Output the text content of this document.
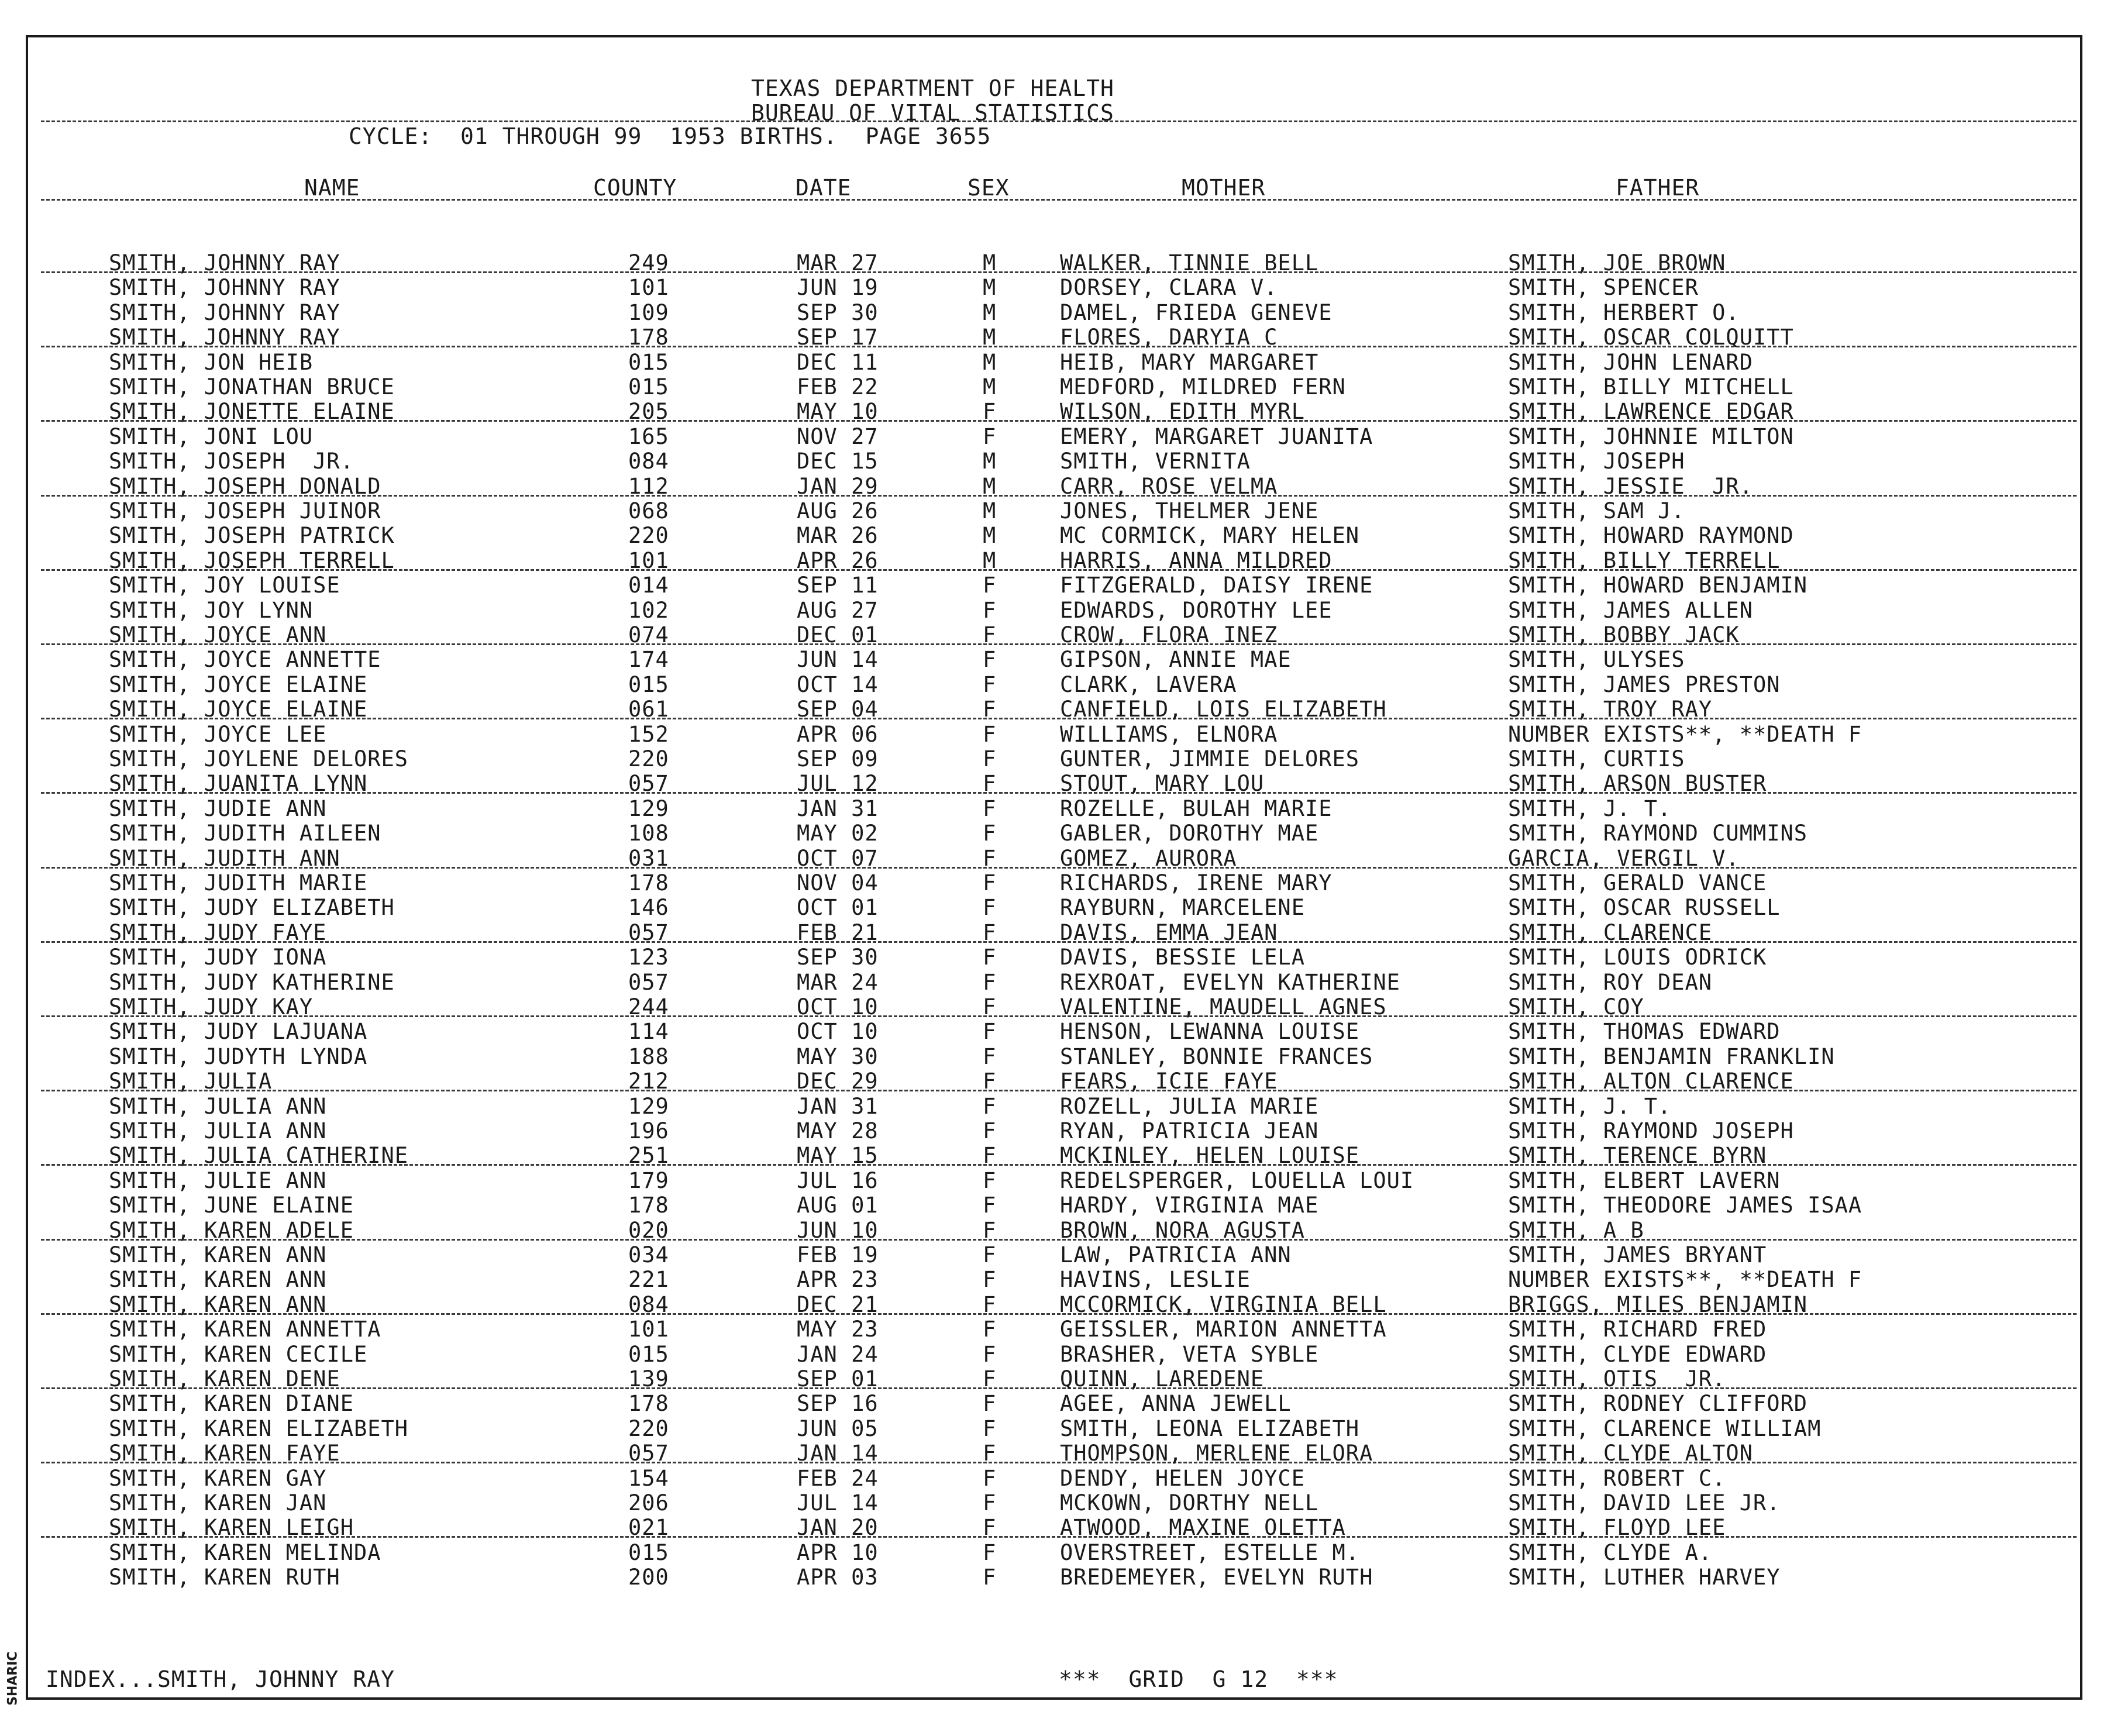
SHARIC
TEXAS DEPARTMENT OF HEALTH
BUREAU OF VITAL STATISTICS
CYCLE:  01 THROUGH 99  1953 BIRTHS.  PAGE 3655
NAME	COUNTY	DATE	SEX	MOTHER	FATHER
SMITH, JOHNNY RAY	249	MAR 27	M	WALKER, TINNIE BELL	SMITH, JOE BROWN
SMITH, JOHNNY RAY	101	JUN 19	M	DORSEY, CLARA V.	SMITH, SPENCER
SMITH, JOHNNY RAY	109	SEP 30	M	DAMEL, FRIEDA GENEVE	SMITH, HERBERT O.
SMITH, JOHNNY RAY	178	SEP 17	M	FLORES, DARYIA C	SMITH, OSCAR COLQUITT
SMITH, JON HEIB	015	DEC 11	M	HEIB, MARY MARGARET	SMITH, JOHN LENARD
SMITH, JONATHAN BRUCE	015	FEB 22	M	MEDFORD, MILDRED FERN	SMITH, BILLY MITCHELL
SMITH, JONETTE ELAINE	205	MAY 10	F	WILSON, EDITH MYRL	SMITH, LAWRENCE EDGAR
SMITH, JONI LOU	165	NOV 27	F	EMERY, MARGARET JUANITA	SMITH, JOHNNIE MILTON
SMITH, JOSEPH  JR.	084	DEC 15	M	SMITH, VERNITA	SMITH, JOSEPH
SMITH, JOSEPH DONALD	112	JAN 29	M	CARR, ROSE VELMA	SMITH, JESSIE  JR.
SMITH, JOSEPH JUINOR	068	AUG 26	M	JONES, THELMER JENE	SMITH, SAM J.
SMITH, JOSEPH PATRICK	220	MAR 26	M	MC CORMICK, MARY HELEN	SMITH, HOWARD RAYMOND
SMITH, JOSEPH TERRELL	101	APR 26	M	HARRIS, ANNA MILDRED	SMITH, BILLY TERRELL
SMITH, JOY LOUISE	014	SEP 11	F	FITZGERALD, DAISY IRENE	SMITH, HOWARD BENJAMIN
SMITH, JOY LYNN	102	AUG 27	F	EDWARDS, DOROTHY LEE	SMITH, JAMES ALLEN
SMITH, JOYCE ANN	074	DEC 01	F	CROW, FLORA INEZ	SMITH, BOBBY JACK
SMITH, JOYCE ANNETTE	174	JUN 14	F	GIPSON, ANNIE MAE	SMITH, ULYSES
SMITH, JOYCE ELAINE	015	OCT 14	F	CLARK, LAVERA	SMITH, JAMES PRESTON
SMITH, JOYCE ELAINE	061	SEP 04	F	CANFIELD, LOIS ELIZABETH	SMITH, TROY RAY
SMITH, JOYCE LEE	152	APR 06	F	WILLIAMS, ELNORA	NUMBER EXISTS**, **DEATH F
SMITH, JOYLENE DELORES	220	SEP 09	F	GUNTER, JIMMIE DELORES	SMITH, CURTIS
SMITH, JUANITA LYNN	057	JUL 12	F	STOUT, MARY LOU	SMITH, ARSON BUSTER
SMITH, JUDIE ANN	129	JAN 31	F	ROZELLE, BULAH MARIE	SMITH, J. T.
SMITH, JUDITH AILEEN	108	MAY 02	F	GABLER, DOROTHY MAE	SMITH, RAYMOND CUMMINS
SMITH, JUDITH ANN	031	OCT 07	F	GOMEZ, AURORA	GARCIA, VERGIL V.
SMITH, JUDITH MARIE	178	NOV 04	F	RICHARDS, IRENE MARY	SMITH, GERALD VANCE
SMITH, JUDY ELIZABETH	146	OCT 01	F	RAYBURN, MARCELENE	SMITH, OSCAR RUSSELL
SMITH, JUDY FAYE	057	FEB 21	F	DAVIS, EMMA JEAN	SMITH, CLARENCE
SMITH, JUDY IONA	123	SEP 30	F	DAVIS, BESSIE LELA	SMITH, LOUIS ODRICK
SMITH, JUDY KATHERINE	057	MAR 24	F	REXROAT, EVELYN KATHERINE	SMITH, ROY DEAN
SMITH, JUDY KAY	244	OCT 10	F	VALENTINE, MAUDELL AGNES	SMITH, COY
SMITH, JUDY LAJUANA	114	OCT 10	F	HENSON, LEWANNA LOUISE	SMITH, THOMAS EDWARD
SMITH, JUDYTH LYNDA	188	MAY 30	F	STANLEY, BONNIE FRANCES	SMITH, BENJAMIN FRANKLIN
SMITH, JULIA	212	DEC 29	F	FEARS, ICIE FAYE	SMITH, ALTON CLARENCE
SMITH, JULIA ANN	129	JAN 31	F	ROZELL, JULIA MARIE	SMITH, J. T.
SMITH, JULIA ANN	196	MAY 28	F	RYAN, PATRICIA JEAN	SMITH, RAYMOND JOSEPH
SMITH, JULIA CATHERINE	251	MAY 15	F	MCKINLEY, HELEN LOUISE	SMITH, TERENCE BYRN
SMITH, JULIE ANN	179	JUL 16	F	REDELSPERGER, LOUELLA LOUI	SMITH, ELBERT LAVERN
SMITH, JUNE ELAINE	178	AUG 01	F	HARDY, VIRGINIA MAE	SMITH, THEODORE JAMES ISAA
SMITH, KAREN ADELE	020	JUN 10	F	BROWN, NORA AGUSTA	SMITH, A B
SMITH, KAREN ANN	034	FEB 19	F	LAW, PATRICIA ANN	SMITH, JAMES BRYANT
SMITH, KAREN ANN	221	APR 23	F	HAVINS, LESLIE	NUMBER EXISTS**, **DEATH F
SMITH, KAREN ANN	084	DEC 21	F	MCCORMICK, VIRGINIA BELL	BRIGGS, MILES BENJAMIN
SMITH, KAREN ANNETTA	101	MAY 23	F	GEISSLER, MARION ANNETTA	SMITH, RICHARD FRED
SMITH, KAREN CECILE	015	JAN 24	F	BRASHER, VETA SYBLE	SMITH, CLYDE EDWARD
SMITH, KAREN DENE	139	SEP 01	F	QUINN, LAREDENE	SMITH, OTIS  JR.
SMITH, KAREN DIANE	178	SEP 16	F	AGEE, ANNA JEWELL	SMITH, RODNEY CLIFFORD
SMITH, KAREN ELIZABETH	220	JUN 05	F	SMITH, LEONA ELIZABETH	SMITH, CLARENCE WILLIAM
SMITH, KAREN FAYE	057	JAN 14	F	THOMPSON, MERLENE ELORA	SMITH, CLYDE ALTON
SMITH, KAREN GAY	154	FEB 24	F	DENDY, HELEN JOYCE	SMITH, ROBERT C.
SMITH, KAREN JAN	206	JUL 14	F	MCKOWN, DORTHY NELL	SMITH, DAVID LEE JR.
SMITH, KAREN LEIGH	021	JAN 20	F	ATWOOD, MAXINE OLETTA	SMITH, FLOYD LEE
SMITH, KAREN MELINDA	015	APR 10	F	OVERSTREET, ESTELLE M.	SMITH, CLYDE A.
SMITH, KAREN RUTH	200	APR 03	F	BREDEMEYER, EVELYN RUTH	SMITH, LUTHER HARVEY
INDEX...SMITH, JOHNNY RAY	***  GRID  G 12  ***
